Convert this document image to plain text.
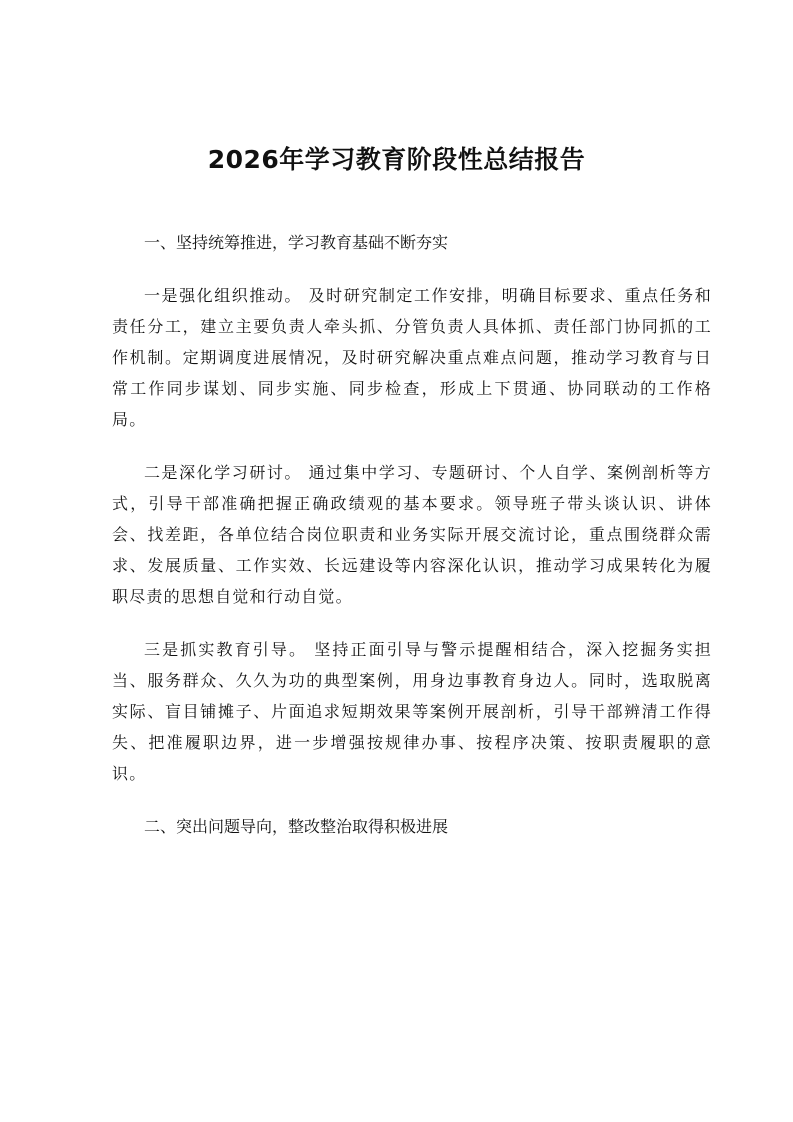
2026年学习教育阶段性总结报告

一、坚持统筹推进，学习教育基础不断夯实

一是强化组织推动。 及时研究制定工作安排，明确目标要求、重点任务和责任分工，建立主要负责人牵头抓、分管负责人具体抓、责任部门协同抓的工作机制。定期调度进展情况，及时研究解决重点难点问题，推动学习教育与日常工作同步谋划、同步实施、同步检查，形成上下贯通、协同联动的工作格局。

二是深化学习研讨。 通过集中学习、专题研讨、个人自学、案例剖析等方式，引导干部准确把握正确政绩观的基本要求。领导班子带头谈认识、讲体会、找差距，各单位结合岗位职责和业务实际开展交流讨论，重点围绕群众需求、发展质量、工作实效、长远建设等内容深化认识，推动学习成果转化为履职尽责的思想自觉和行动自觉。

三是抓实教育引导。 坚持正面引导与警示提醒相结合，深入挖掘务实担当、服务群众、久久为功的典型案例，用身边事教育身边人。同时，选取脱离实际、盲目铺摊子、片面追求短期效果等案例开展剖析，引导干部辨清工作得失、把准履职边界，进一步增强按规律办事、按程序决策、按职责履职的意识。

二、突出问题导向，整改整治取得积极进展
